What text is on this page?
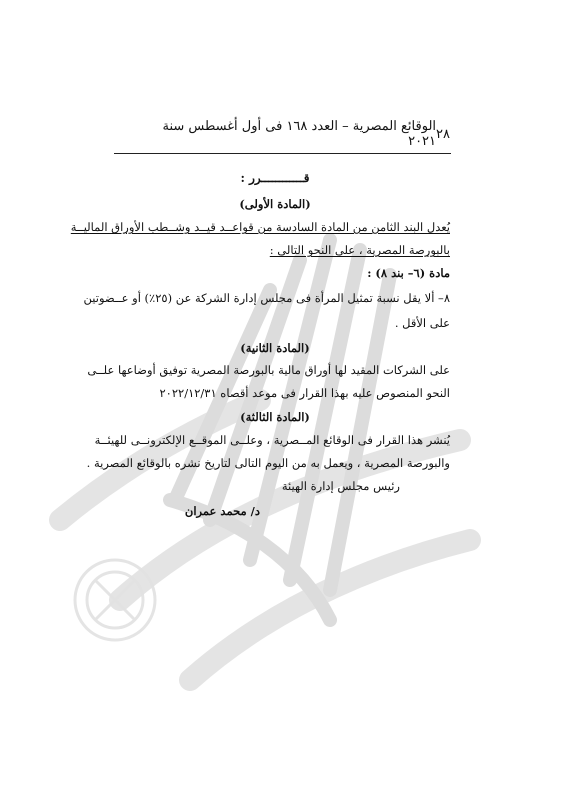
الوقائع المصرية – العدد ١٦٨ فى أول أغسطس سنة ٢٠٢١ ٢٨
قــــــــــــرر :
(المادة الأولى)
يُعدل البند الثامن من المادة السادسة من قواعــد قيــد وشــطب الأوراق الماليــة
بالبورصة المصرية ، على النحو التالى :
مادة (٦– بند ٨) :
٨– ألا يقل نسبة تمثيل المرأة فى مجلس إدارة الشركة عن (٢٥٪) أو عــضوتين
على الأقل .
(المادة الثانية)
على الشركات المقيد لها أوراق مالية بالبورصة المصرية توفيق أوضاعها علــى
النحو المنصوص عليه بهذا القرار فى موعد أقصاه ٢٠٢٢/١٢/٣١
(المادة الثالثة)
يُنشر هذا القرار فى الوقائع المــصرية ، وعلــى الموقــع الإلكترونــى للهيئــة
والبورصة المصرية ، ويعمل به من اليوم التالى لتاريخ نشره بالوقائع المصرية .
رئيس مجلس إدارة الهيئة
د/ محمد عمران
